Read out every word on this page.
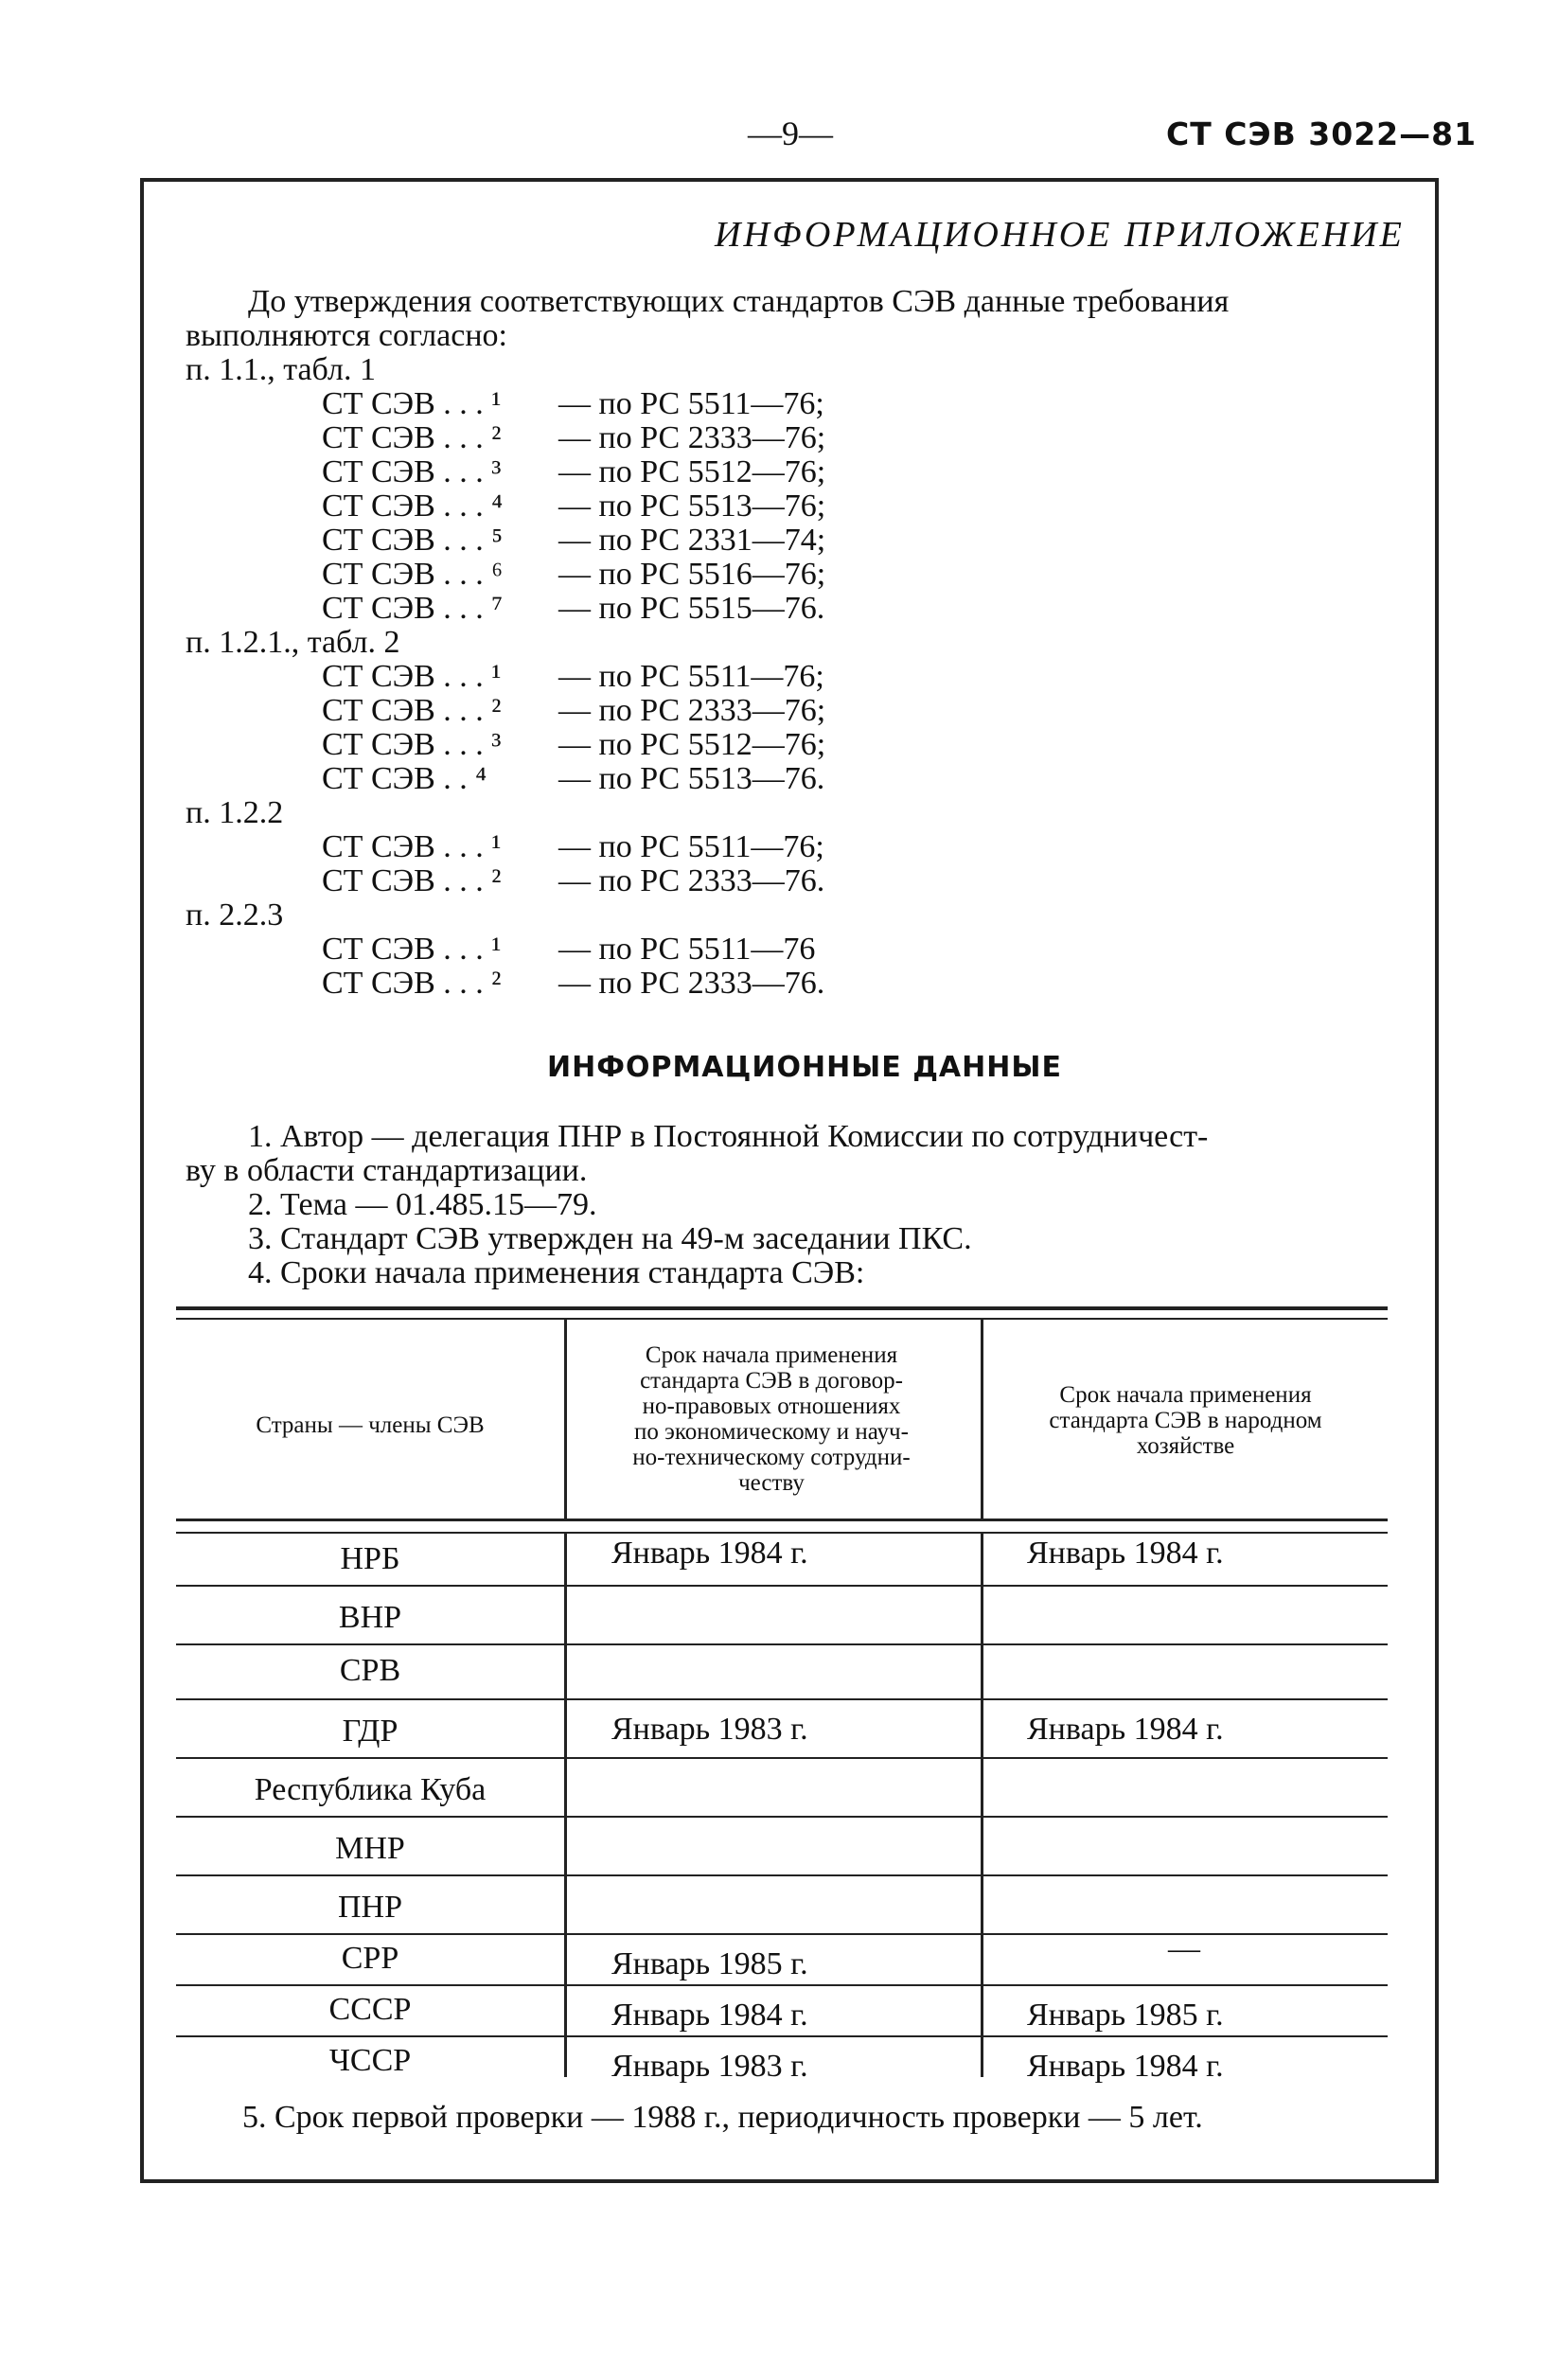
—9—	СТ СЭВ 3022—81
ИНФОРМАЦИОННОЕ ПРИЛОЖЕНИЕ
До утверждения соответствующих стандартов СЭВ данные требования
выполняются согласно:
п. 1.1., табл. 1
СТ СЭВ . . . ¹ — по РС 5511—76;
СТ СЭВ . . . ² — по РС 2333—76;
СТ СЭВ . . . ³ — по РС 5512—76;
СТ СЭВ . . . ⁴ — по РС 5513—76;
СТ СЭВ . . . ⁵ — по РС 2331—74;
СТ СЭВ . . . ⁶ — по РС 5516—76;
СТ СЭВ . . . ⁷ — по РС 5515—76.
п. 1.2.1., табл. 2
СТ СЭВ . . . ¹ — по РС 5511—76;
СТ СЭВ . . . ² — по РС 2333—76;
СТ СЭВ . . . ³ — по РС 5512—76;
СТ СЭВ . . ⁴ — по РС 5513—76.
п. 1.2.2
СТ СЭВ . . . ¹ — по РС 5511—76;
СТ СЭВ . . . ² — по РС 2333—76.
п. 2.2.3
СТ СЭВ . . . ¹ — по РС 5511—76
СТ СЭВ . . . ² — по РС 2333—76.
ИНФОРМАЦИОННЫЕ ДАННЫЕ
1. Автор — делегация ПНР в Постоянной Комиссии по сотрудничест-
ву в области стандартизации.
2. Тема — 01.485.15—79.
3. Стандарт СЭВ утвержден на 49-м заседании ПКС.
4. Сроки начала применения стандарта СЭВ:
Страны — члены СЭВ
Срок начала применения
стандарта СЭВ в договор-
но-правовых отношениях
по экономическому и науч-
но-техническому сотрудни-
честву
Срок начала применения
стандарта СЭВ в народном
хозяйстве
НРБ	Январь 1984 г.	Январь 1984 г.
ВНР
СРВ
ГДР	Январь 1983 г.	Январь 1984 г.
Республика Куба
МНР
ПНР
СРР	Январь 1985 г.	—
СССР	Январь 1984 г.	Январь 1985 г.
ЧССР	Январь 1983 г.	Январь 1984 г.
5. Срок первой проверки — 1988 г., периодичность проверки — 5 лет.
